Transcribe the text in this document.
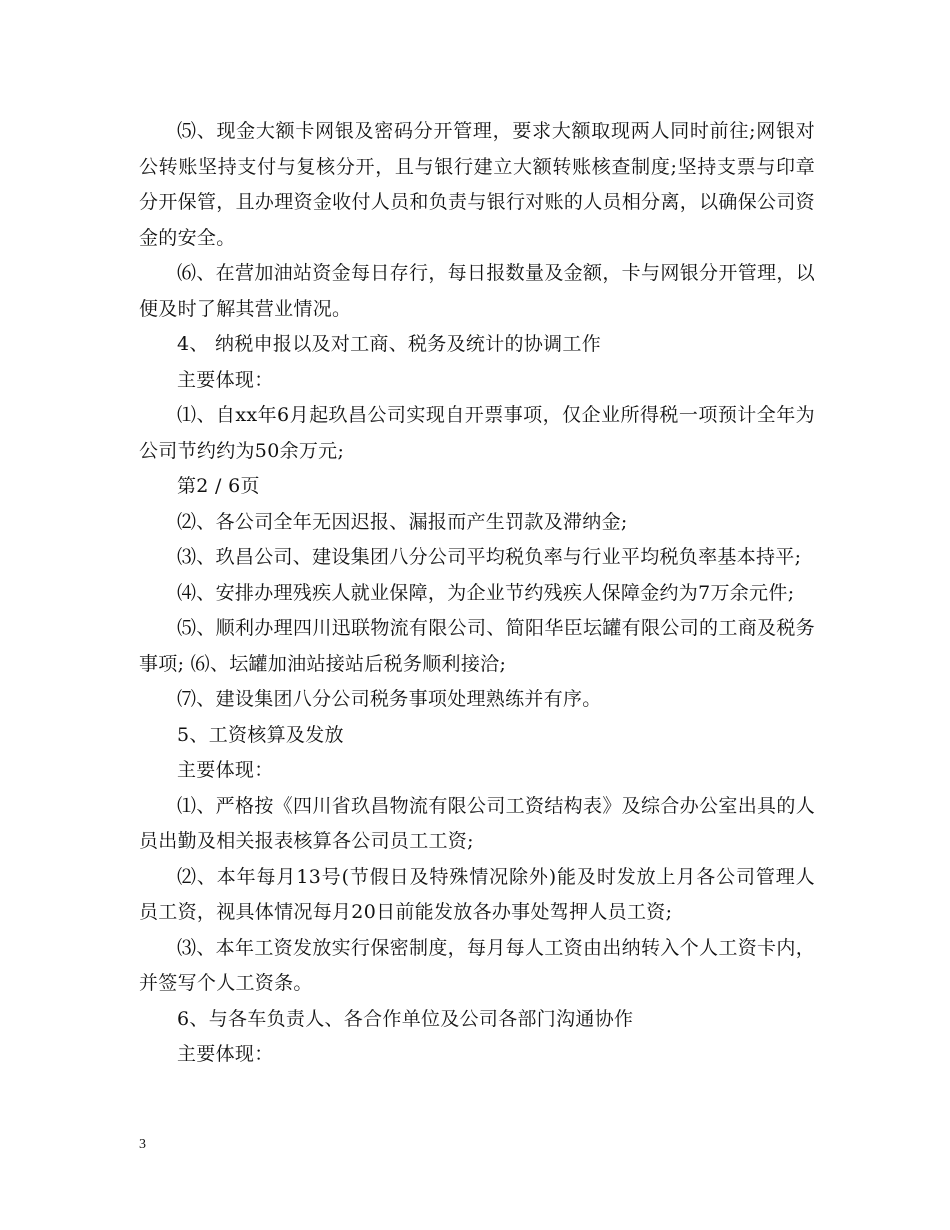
⑸、现金大额卡网银及密码分开管理，要求大额取现两人同时前往;网银对公转账坚持支付与复核分开，且与银行建立大额转账核查制度;坚持支票与印章分开保管，且办理资金收付人员和负责与银行对账的人员相分离，以确保公司资金的安全。

⑹、在营加油站资金每日存行，每日报数量及金额，卡与网银分开管理，以便及时了解其营业情况。

4、 纳税申报以及对工商、税务及统计的协调工作

主要体现：

⑴、自xx年6月起玖昌公司实现自开票事项，仅企业所得税一项预计全年为公司节约约为50余万元;

第2 / 6页

⑵、各公司全年无因迟报、漏报而产生罚款及滞纳金;

⑶、玖昌公司、建设集团八分公司平均税负率与行业平均税负率基本持平;

⑷、安排办理残疾人就业保障，为企业节约残疾人保障金约为7万余元件;

⑸、顺利办理四川迅联物流有限公司、简阳华臣坛罐有限公司的工商及税务事项; ⑹、坛罐加油站接站后税务顺利接洽;

⑺、建设集团八分公司税务事项处理熟练并有序。

5、工资核算及发放

主要体现：

⑴、严格按《四川省玖昌物流有限公司工资结构表》及综合办公室出具的人员出勤及相关报表核算各公司员工工资;

⑵、本年每月13号(节假日及特殊情况除外)能及时发放上月各公司管理人员工资，视具体情况每月20日前能发放各办事处驾押人员工资;

⑶、本年工资发放实行保密制度，每月每人工资由出纳转入个人工资卡内，并签写个人工资条。

6、与各车负责人、各合作单位及公司各部门沟通协作

主要体现：

3
